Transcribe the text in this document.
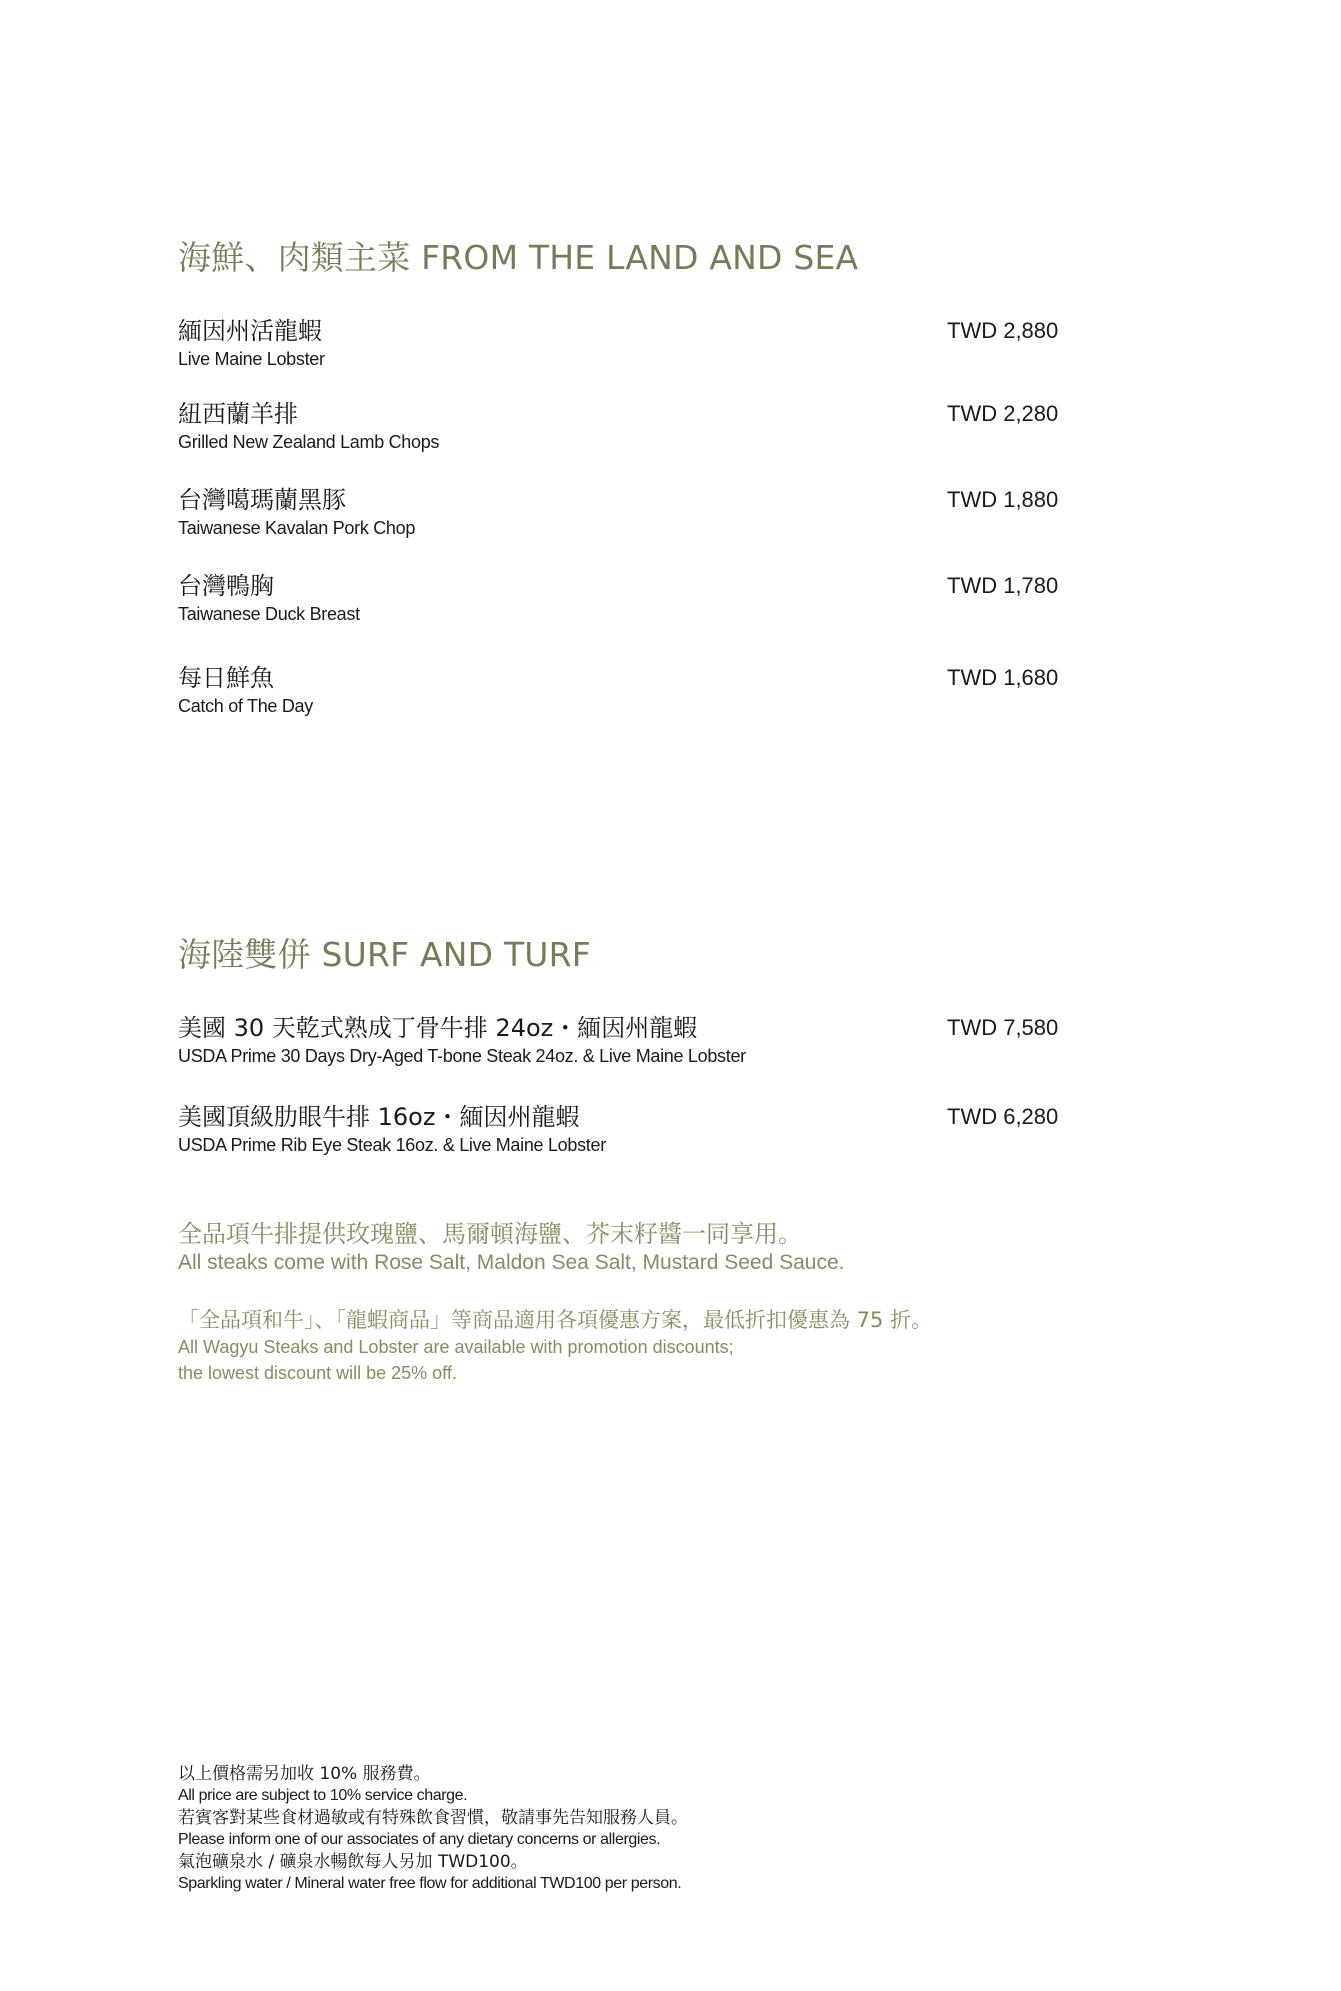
海鮮、肉類主菜 FROM THE LAND AND SEA
緬因州活龍蝦
Live Maine Lobster
TWD 2,880
紐西蘭羊排
Grilled New Zealand Lamb Chops
TWD 2,280
台灣噶瑪蘭黑豚
Taiwanese Kavalan Pork Chop
TWD 1,880
台灣鴨胸
Taiwanese Duck Breast
TWD 1,780
每日鮮魚
Catch of The Day
TWD 1,680
海陸雙併 SURF AND TURF
美國 30 天乾式熟成丁骨牛排 24oz・緬因州龍蝦
USDA Prime 30 Days Dry-Aged T-bone Steak 24oz. & Live Maine Lobster
TWD 7,580
美國頂級肋眼牛排 16oz・緬因州龍蝦
USDA Prime Rib Eye Steak 16oz. & Live Maine Lobster
TWD 6,280
全品項牛排提供玫瑰鹽、馬爾頓海鹽、芥末籽醬一同享用。
All steaks come with Rose Salt, Maldon Sea Salt, Mustard Seed Sauce.
「全品項和牛」、「龍蝦商品」等商品適用各項優惠方案，最低折扣優惠為 75 折。
All Wagyu Steaks and Lobster are available with promotion discounts;
the lowest discount will be 25% off.
以上價格需另加收 10% 服務費。
All price are subject to 10% service charge.
若賓客對某些食材過敏或有特殊飲食習慣，敬請事先告知服務人員。
Please inform one of our associates of any dietary concerns or allergies.
氣泡礦泉水 / 礦泉水暢飲每人另加 TWD100。
Sparkling water / Mineral water free flow for additional TWD100 per person.
